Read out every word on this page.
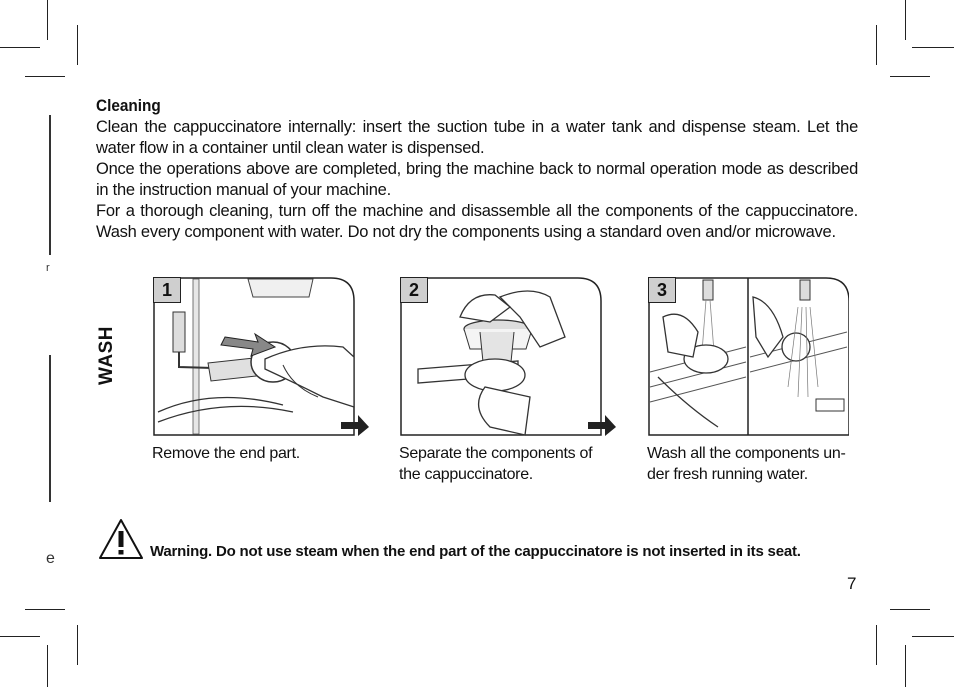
r
e

Cleaning

Clean the cappuccinatore internally: insert the suction tube in a water tank and dispense steam. Let the water flow in a container until clean water is dispensed.

Once the operations above are completed, bring the machine back to normal operation mode as described in the instruction manual of your machine.

For a thorough cleaning, turn off the machine and disassemble all the components of the cappuccinatore. Wash every component with water. Do not dry the components using a standard oven and/or microwave.

WASH
1
Remove the end part.
2
Separate the components of
the cappuccinatore.
3
Wash all the components un-
der fresh running water.
Warning. Do not use steam when the end part of the cappuccinatore is not inserted in its seat.
7
